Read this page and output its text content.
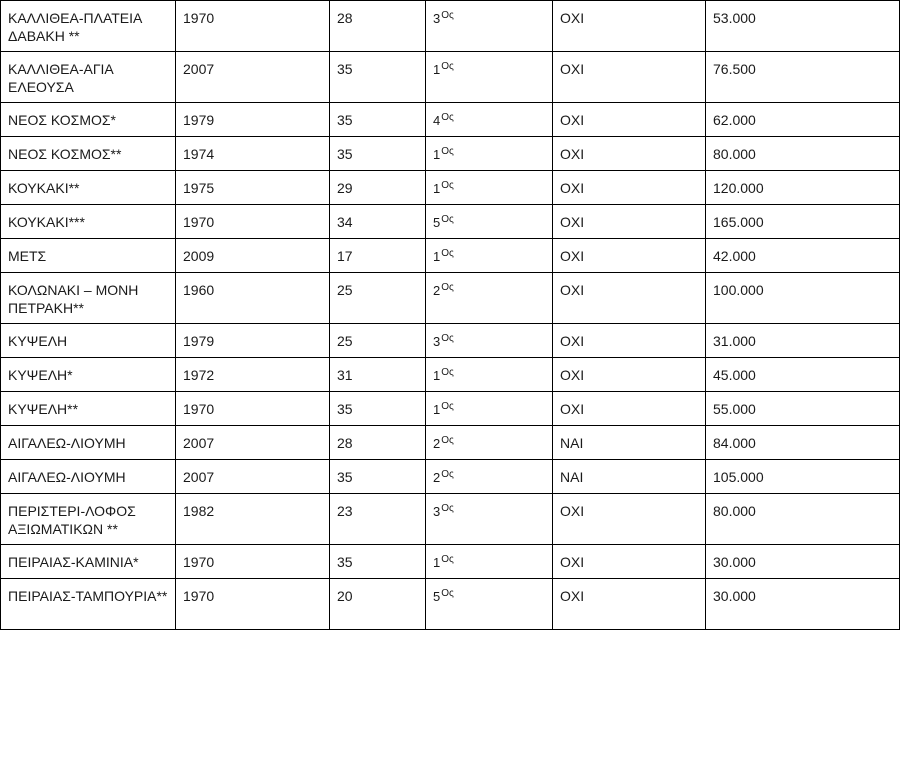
ΚΑΛΛΙΘΕΑ-ΠΛΑΤΕΙΑ ΔΑΒΑΚΗ **	1970	28	$3^{O\varsigma}$	ΟΧΙ	53.000
ΚΑΛΛΙΘΕΑ-ΑΓΙΑ ΕΛΕΟΥΣΑ	2007	35	$1^{O\varsigma}$	ΟΧΙ	76.500
ΝΕΟΣ ΚΟΣΜΟΣ*	1979	35	$4^{O\varsigma}$	ΟΧΙ	62.000
ΝΕΟΣ ΚΟΣΜΟΣ**	1974	35	$1^{O\varsigma}$	ΟΧΙ	80.000
ΚΟΥΚΑΚΙ**	1975	29	$1^{O\varsigma}$	ΟΧΙ	120.000
ΚΟΥΚΑΚΙ***	1970	34	$5^{O\varsigma}$	ΟΧΙ	165.000
ΜΕΤΣ	2009	17	$1^{O\varsigma}$	ΟΧΙ	42.000
ΚΟΛΩΝΑΚΙ – ΜΟΝΗ ΠΕΤΡΑΚΗ**	1960	25	$2^{O\varsigma}$	ΟΧΙ	100.000
ΚΥΨΕΛΗ	1979	25	$3^{O\varsigma}$	ΟΧΙ	31.000
ΚΥΨΕΛΗ*	1972	31	$1^{O\varsigma}$	ΟΧΙ	45.000
ΚΥΨΕΛΗ**	1970	35	$1^{O\varsigma}$	ΟΧΙ	55.000
ΑΙΓΑΛΕΩ-ΛΙΟΥΜΗ	2007	28	$2^{O\varsigma}$	ΝΑΙ	84.000
ΑΙΓΑΛΕΩ-ΛΙΟΥΜΗ	2007	35	$2^{O\varsigma}$	ΝΑΙ	105.000
ΠΕΡΙΣΤΕΡΙ-ΛΟΦΟΣ ΑΞΙΩΜΑΤΙΚΩΝ **	1982	23	$3^{O\varsigma}$	ΟΧΙ	80.000
ΠΕΙΡΑΙΑΣ-ΚΑΜΙΝΙΑ*	1970	35	$1^{O\varsigma}$	ΟΧΙ	30.000
ΠΕΙΡΑΙΑΣ-ΤΑΜΠΟΥΡΙΑ**	1970	20	$5^{O\varsigma}$	ΟΧΙ	30.000
